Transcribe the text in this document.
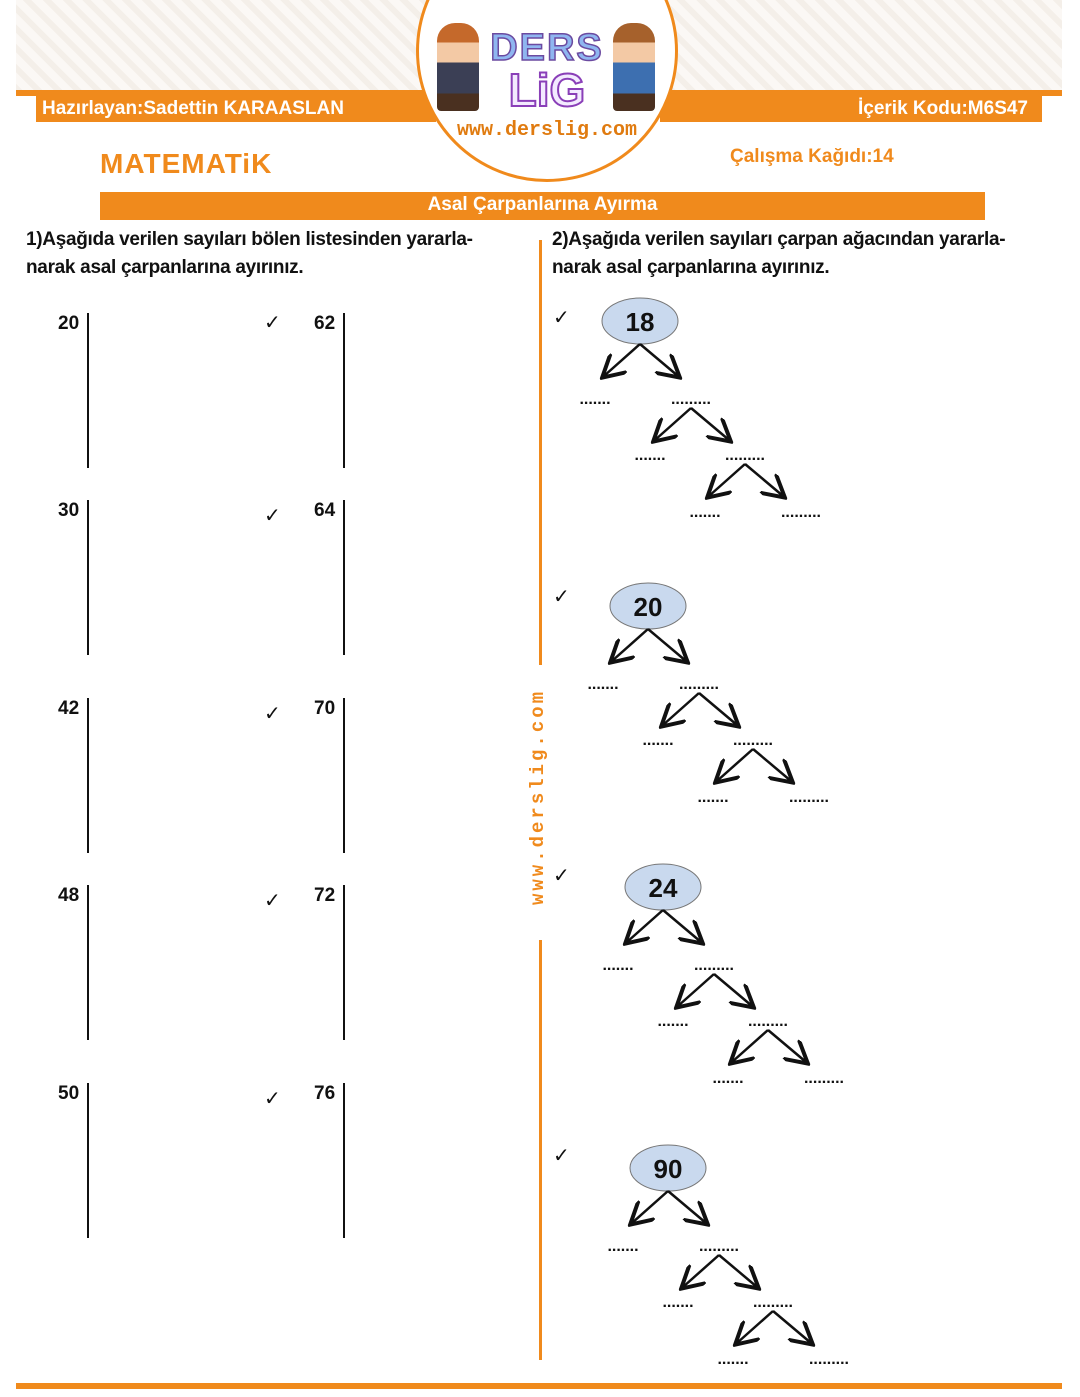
Hazırlayan:Sadettin KARAASLAN	İçerik Kodu:M6S47
DERS
LiG
www.derslig.com
MATEMATiK	Çalışma Kağıdı:14
Asal Çarpanlarına Ayırma
1)Aşağıda verilen sayıları bölen listesinden yararla-
narak asal çarpanlarına ayırınız.
2)Aşağıda verilen sayıları çarpan ağacından yararla-
narak asal çarpanlarına ayırınız.
www.derslig.com
20	✓ 62
30	✓ 64
42	✓ 70
48	✓ 72
50	✓ 76
✓ 18
.......	.........
.......	.........
.......	.........
✓ 20
.......	.........
.......	.........
.......	.........
✓	24
.......	.........
.......	.........
.......	.........
✓	90
.......	.........
.......	.........
.......	.........
